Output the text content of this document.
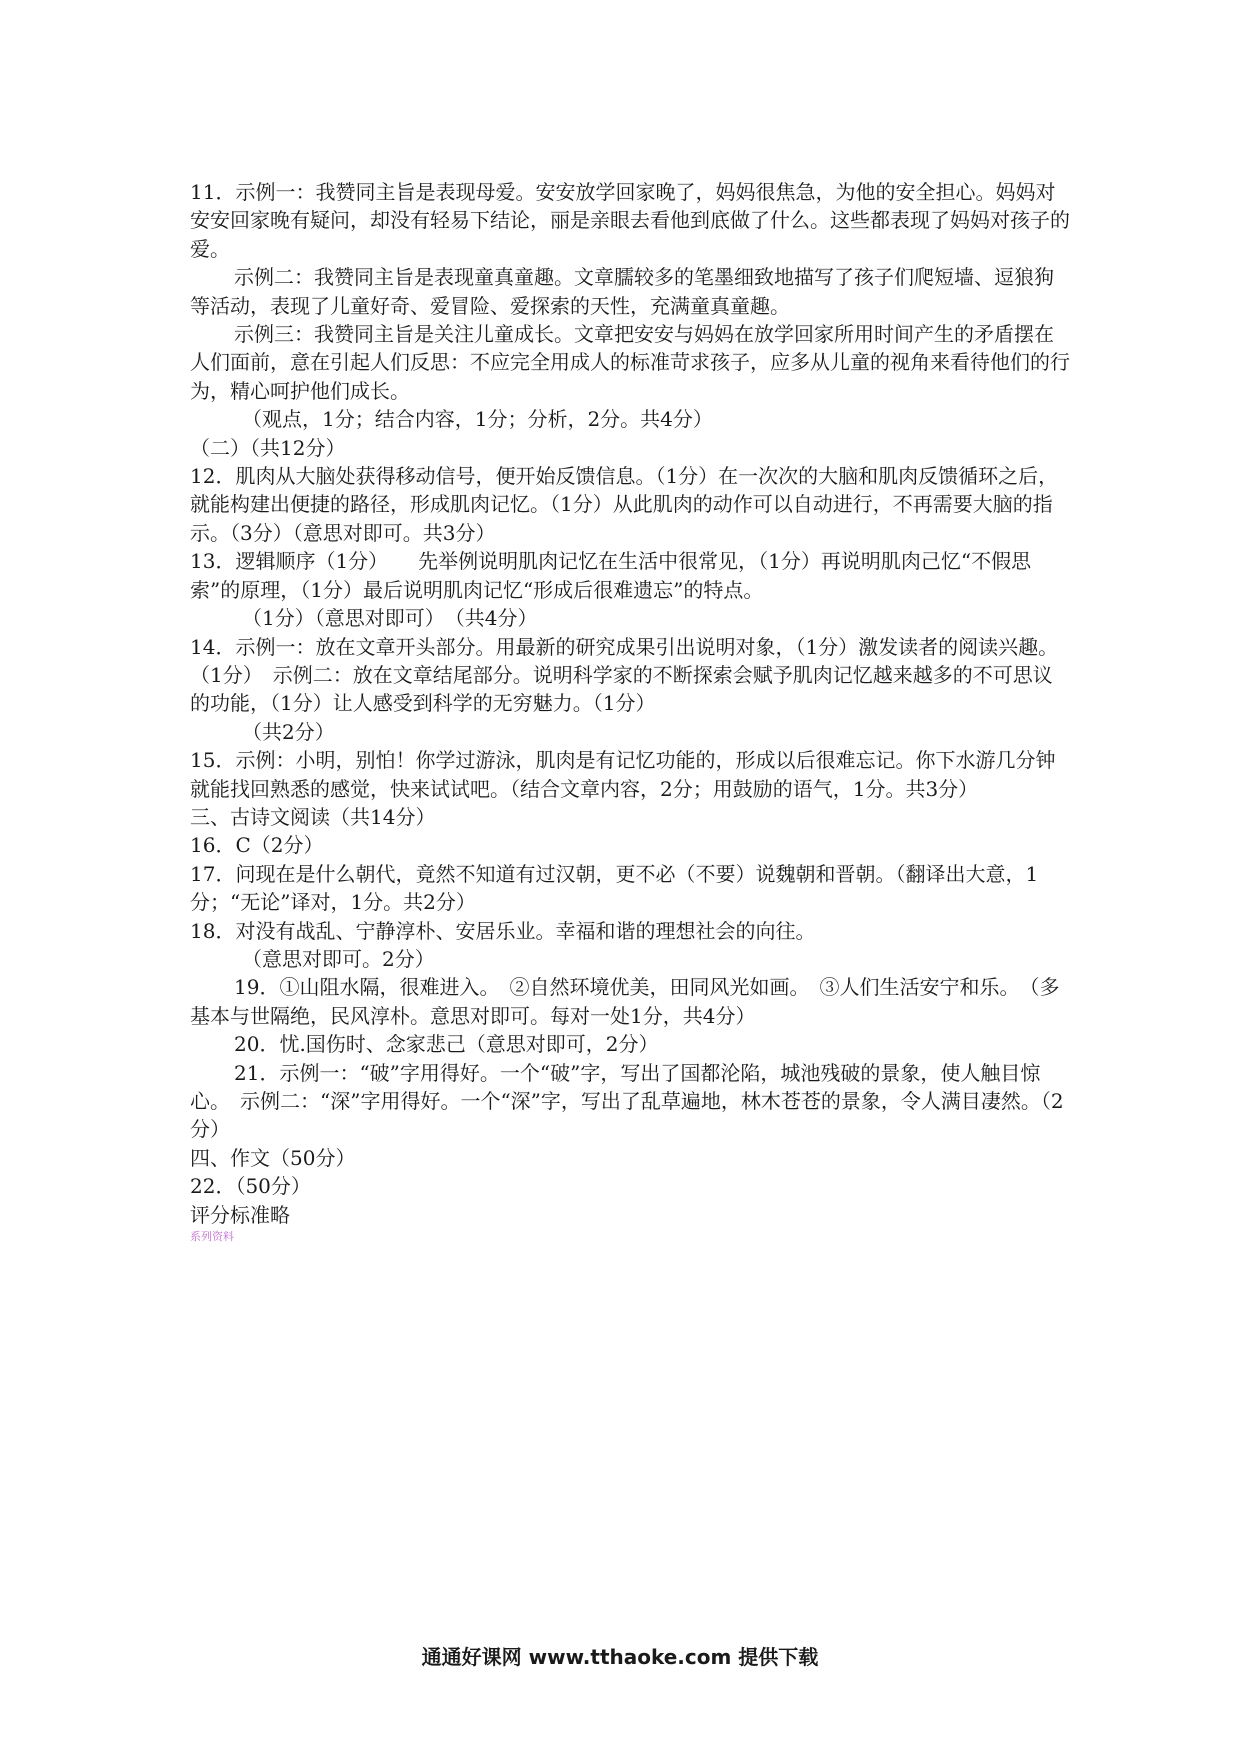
11．示例一：我赞同主旨是表现母爱。安安放学回家晚了，妈妈很焦急，为他的安全担心。妈妈对安安回家晚有疑问，却没有轻易下结论，丽是亲眼去看他到底做了什么。这些都表现了妈妈对孩子的爱。

示例二：我赞同主旨是表现童真童趣。文章臑较多的笔墨细致地描写了孩子们爬短墙、逗狼狗等活动，表现了儿童好奇、爱冒险、爱探索的天性，充满童真童趣。

示例三：我赞同主旨是关注儿童成长。文章把安安与妈妈在放学回家所用时间产生的矛盾摆在人们面前，意在引起人们反思：不应完全用成人的标准苛求孩子，应多从儿童的视角来看待他们的行为，精心呵护他们成长。

（观点，1分；结合内容，1分；分析，2分。共4分）

（二）（共12分）

12．肌肉从大脑处获得移动信号，便开始反馈信息。（1分）在一次次的大脑和肌肉反馈循环之后，就能构建出便捷的路径，形成肌肉记忆。（1分）从此肌肉的动作可以自动进行，不再需要大脑的指示。（3分）（意思对即可。共3分）

13．逻辑顺序（1分）　　先举例说明肌肉记忆在生活中很常见，（1分）再说明肌肉己忆“不假思索”的原理，（1分）最后说明肌肉记忆“形成后很难遗忘”的特点。

（1分）（意思对即可）　（共4分）

14．示例一：放在文章开头部分。用最新的研究成果引出说明对象，（1分）激发读者的阅读兴趣。（1分）　示例二：放在文章结尾部分。说明科学家的不断探索会赋予肌肉记忆越来越多的不可思议的功能，（1分）让人感受到科学的无穷魅力。（1分）

（共2分）

15．示例：小明，别怕！你学过游泳，肌肉是有记忆功能的，形成以后很难忘记。你下水游几分钟就能找回熟悉的感觉，快来试试吧。（结合文章内容，2分；用鼓励的语气，1分。共3分）

三、古诗文阅读（共14分）

16．C（2分）

17．问现在是什么朝代，竟然不知道有过汉朝，更不必（不要）说魏朝和晋朝。（翻译出大意，1分；“无论”译对，1分。共2分）

18．对没有战乱、宁静淳朴、安居乐业。幸福和谐的理想社会的向往。

（意思对即可。2分）

19．①山阻水隔，很难进入。　②自然环境优美，田同风光如画。　③人们生活安宁和乐。　（多基本与世隔绝，民风淳朴。意思对即可。每对一处1分，共4分）

20．忧.国伤时、念家悲己（意思对即可，2分）

21．示例一：“破”字用得好。一个“破”字，写出了国都沦陷，城池残破的景象，使人触目惊心。　示例二：“深”字用得好。一个“深”字，写出了乱草遍地，林木苍苍的景象，令人满目凄然。（2分）

四、作文（50分）

22．（50分）

评分标准略

系列资料

通通好课网 www.tthaoke.com 提供下载
